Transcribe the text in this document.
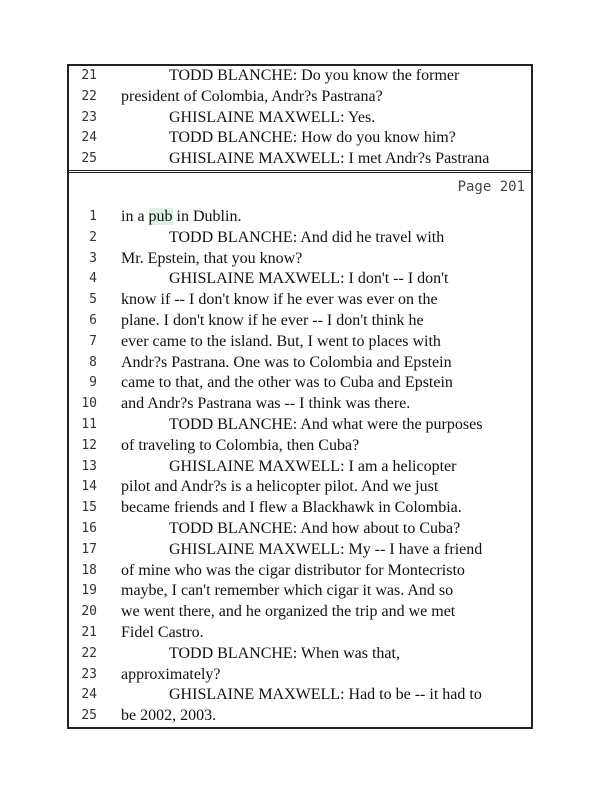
21	TODD BLANCHE: Do you know the former
22 president of Colombia, Andr?s Pastrana?
23	GHISLAINE MAXWELL: Yes.
24	TODD BLANCHE: How do you know him?
25	GHISLAINE MAXWELL: I met Andr?s Pastrana
Page 201
1 in a pub in Dublin.
2	TODD BLANCHE: And did he travel with
3 Mr. Epstein, that you know?
4	GHISLAINE MAXWELL: I don't -- I don't
5 know if -- I don't know if he ever was ever on the
6 plane. I don't know if he ever -- I don't think he
7 ever came to the island. But, I went to places with
8 Andr?s Pastrana. One was to Colombia and Epstein
9 came to that, and the other was to Cuba and Epstein
10 and Andr?s Pastrana was -- I think was there.
11	TODD BLANCHE: And what were the purposes
12 of traveling to Colombia, then Cuba?
13	GHISLAINE MAXWELL: I am a helicopter
14 pilot and Andr?s is a helicopter pilot. And we just
15 became friends and I flew a Blackhawk in Colombia.
16	TODD BLANCHE: And how about to Cuba?
17	GHISLAINE MAXWELL: My -- I have a friend
18 of mine who was the cigar distributor for Montecristo
19 maybe, I can't remember which cigar it was. And so
20 we went there, and he organized the trip and we met
21 Fidel Castro.
22	TODD BLANCHE: When was that,
23 approximately?
24	GHISLAINE MAXWELL: Had to be -- it had to
25 be 2002, 2003.
